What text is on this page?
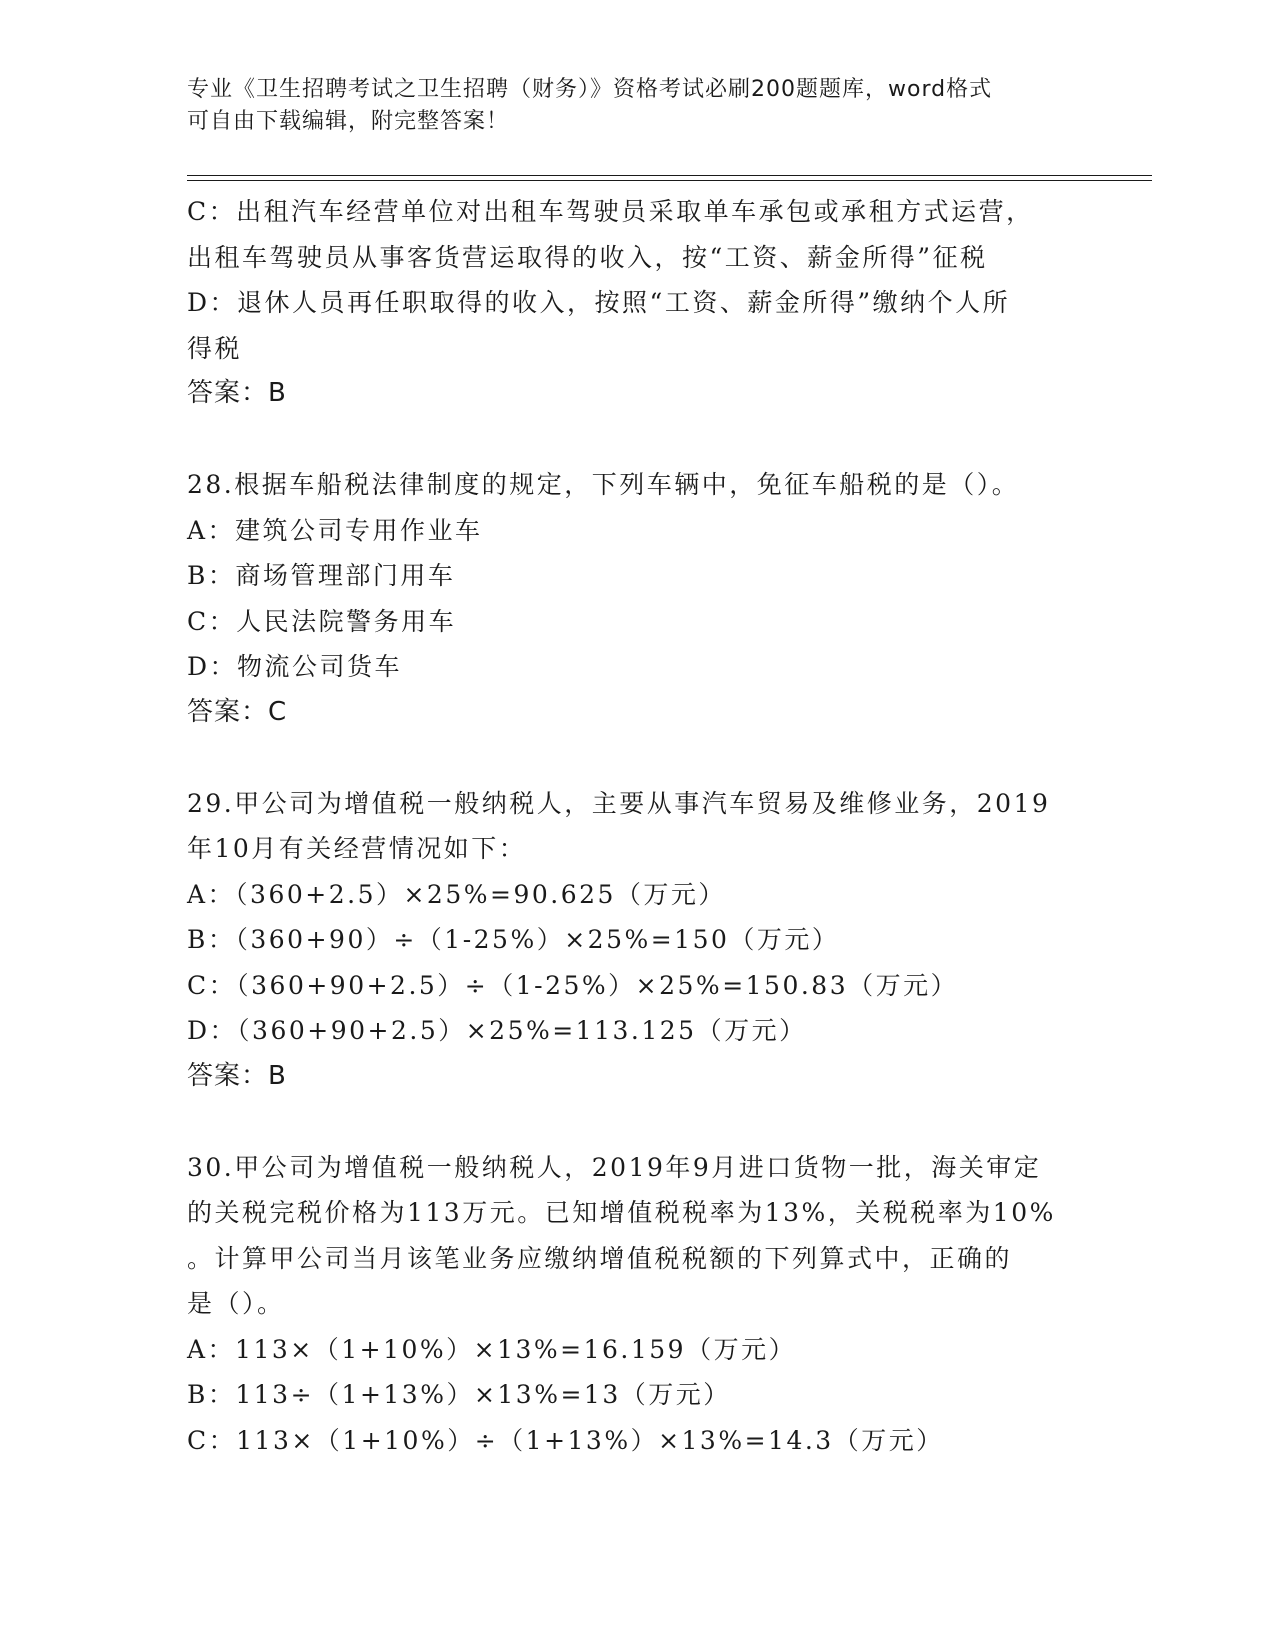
专业《卫生招聘考试之卫生招聘（财务）》资格考试必刷200题题库，word格式
可自由下载编辑，附完整答案！
C：出租汽车经营单位对出租车驾驶员采取单车承包或承租方式运营，
出租车驾驶员从事客货营运取得的收入，按“工资、薪金所得”征税
D：退休人员再任职取得的收入，按照“工资、薪金所得”缴纳个人所
得税
答案：B
28.根据车船税法律制度的规定，下列车辆中，免征车船税的是（）。
A：建筑公司专用作业车
B：商场管理部门用车
C：人民法院警务用车
D：物流公司货车
答案：C
29.甲公司为增值税一般纳税人，主要从事汽车贸易及维修业务，2019
年10月有关经营情况如下：
A：（360+2.5）×25%=90.625（万元）
B：（360+90）÷（1-25%）×25%=150（万元）
C：（360+90+2.5）÷（1-25%）×25%=150.83（万元）
D：（360+90+2.5）×25%=113.125（万元）
答案：B
30.甲公司为增值税一般纳税人，2019年9月进口货物一批，海关审定
的关税完税价格为113万元。已知增值税税率为13%，关税税率为10%
。计算甲公司当月该笔业务应缴纳增值税税额的下列算式中，正确的
是（）。
A：113×（1+10%）×13%=16.159（万元）
B：113÷（1+13%）×13%=13（万元）
C：113×（1+10%）÷（1+13%）×13%=14.3（万元）
